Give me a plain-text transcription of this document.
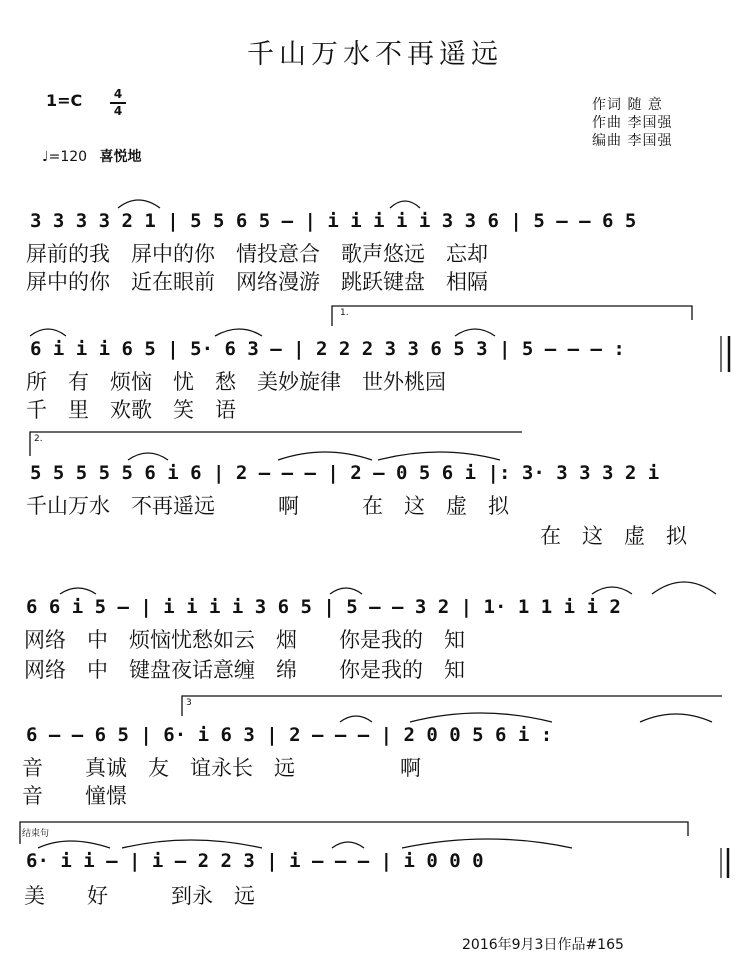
千山万水不再遥远
1=C	4
4
♩=120 喜悦地
作词 随 意
作曲 李国强
编曲 李国强
3 3 3 3 2 1 | 5 5 6 5 – | i i i i i 3 3 6 | 5 – – 6 5
屏前的我　屏中的你　情投意合　歌声悠远　忘却
屏中的你　近在眼前　网络漫游　跳跃键盘　相隔
1.
6 i i i 6 5 | 5· 6 3 – | 2 2 2 3 3 6 5 3 | 5 – – – :
所　有　烦恼　忧　愁　美妙旋律　世外桃园
千　里　欢歌　笑　语
2.
5 5 5 5 5 6 i 6 | 2 – – – | 2 – 0 5 6 i |: 3· 3 3 3 2 i
千山万水　不再遥远　　　啊　　　在　这　虚　拟
在　这　虚　拟
6 6 i 5 – | i i i i 3 6 5 | 5 – – 3 2 | 1· 1 1 i i 2
网络　中　烦恼忧愁如云　烟　　你是我的　知
网络　中　键盘夜话意缠　绵　　你是我的　知
3
6 – – 6 5 | 6· i 6 3 | 2 – – – | 2 0 0 5 6 i :
音　　真诚　友　谊永长　远　　　　　啊
音　　憧憬
结束句
6· i i – | i – 2 2 3 | i – – – | i 0 0 0
美　　好　　　到永　远
2016年9月3日作品#165
